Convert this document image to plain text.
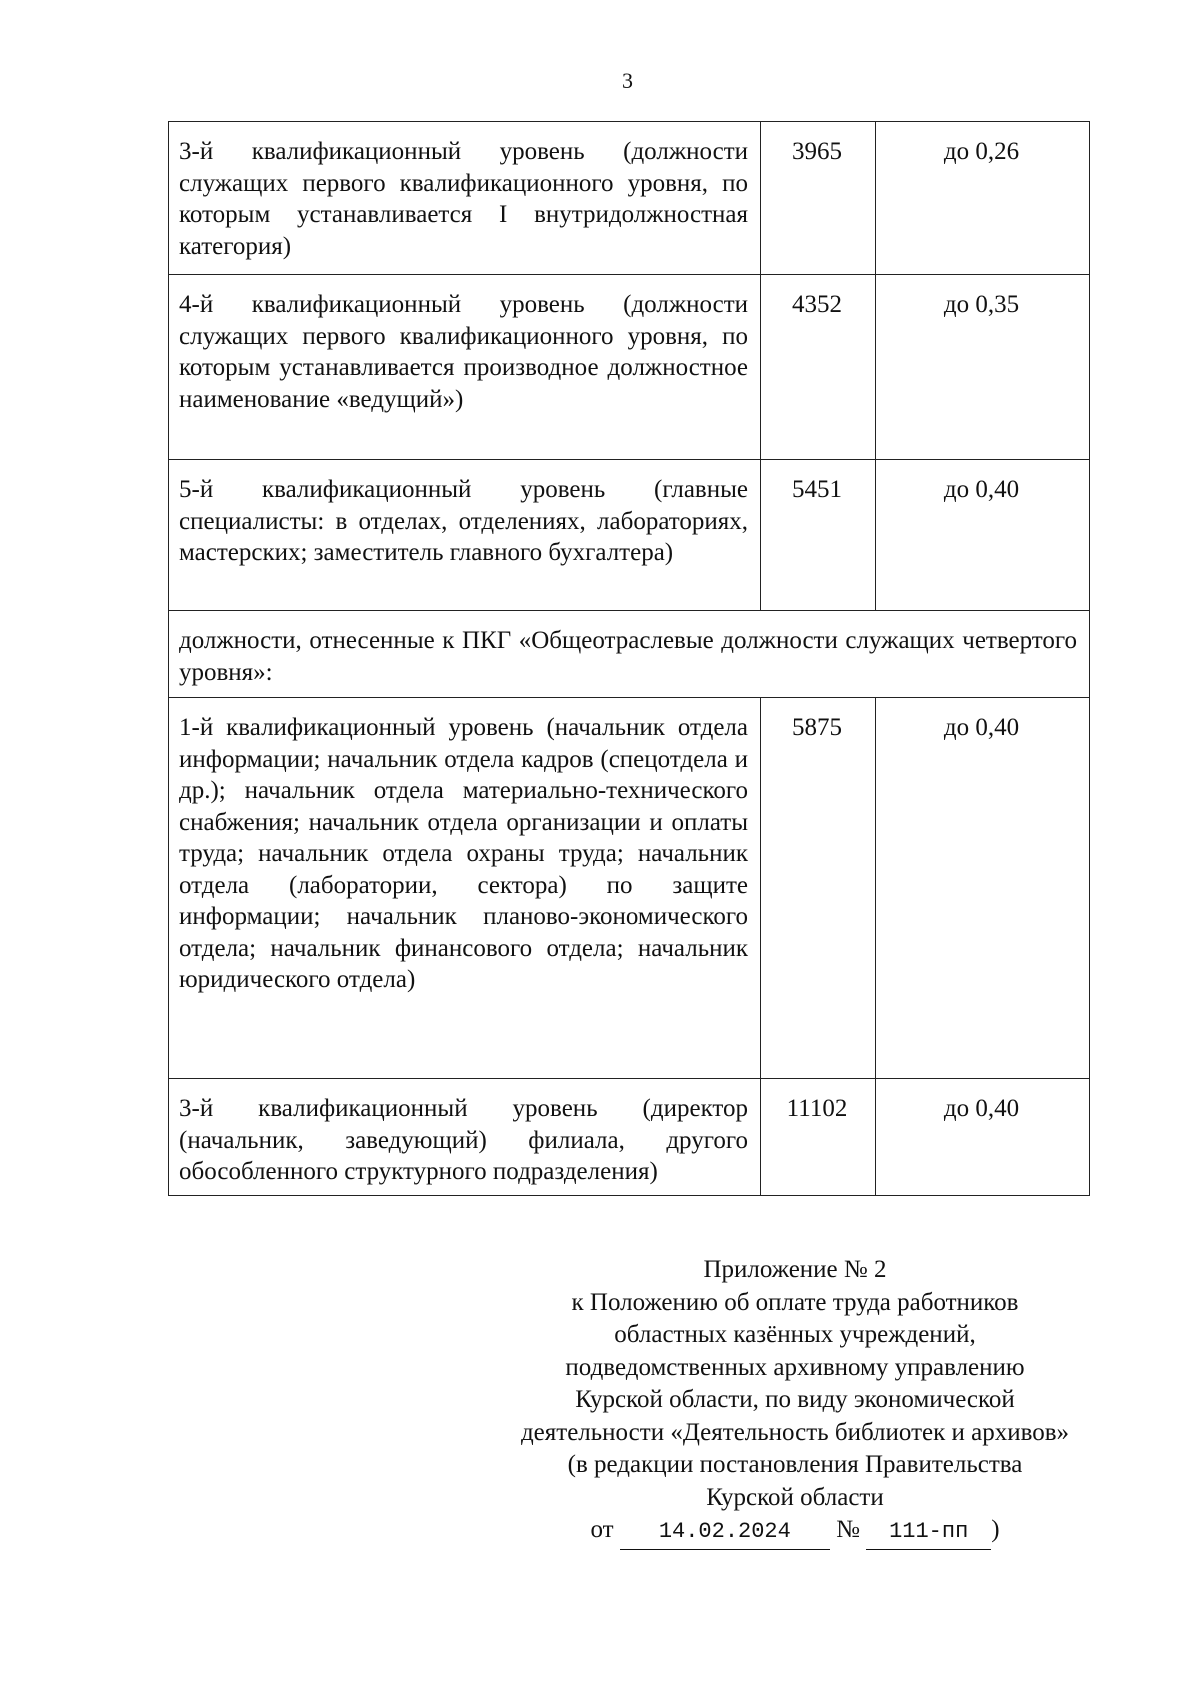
3
3-й квалификационный уровень (должности служащих первого квалификационного уровня, по которым устанавливается I внутридолжностная категория)	3965	до 0,26
4-й квалификационный уровень (должности служащих первого квалификационного уровня, по которым устанавливается производное должностное наименование «ведущий»)	4352	до 0,35
5-й квалификационный уровень (главные специалисты: в отделах, отделениях, лабораториях, мастерских; заместитель главного бухгалтера)	5451	до 0,40
должности, отнесенные к ПКГ «Общеотраслевые должности служащих четвертого уровня»:		
1-й квалификационный уровень (начальник отдела информации; начальник отдела кадров (спецотдела и др.); начальник отдела материально-технического снабжения; начальник отдела организации и оплаты труда; начальник отдела охраны труда; начальник отдела (лаборатории, сектора) по защите информации; начальник планово-экономического отдела; начальник финансового отдела; начальник юридического отдела)	5875	до 0,40
3-й квалификационный уровень (директор (начальник, заведующий) филиала, другого обособленного структурного подразделения)	11102	до 0,40
Приложение № 2
к Положению об оплате труда работников
областных казённых учреждений,
подведомственных архивному управлению
Курской области, по виду экономической
деятельности «Деятельность библиотек и архивов»
(в редакции постановления Правительства
Курской области
от 14.02.2024 № 111-пп )
